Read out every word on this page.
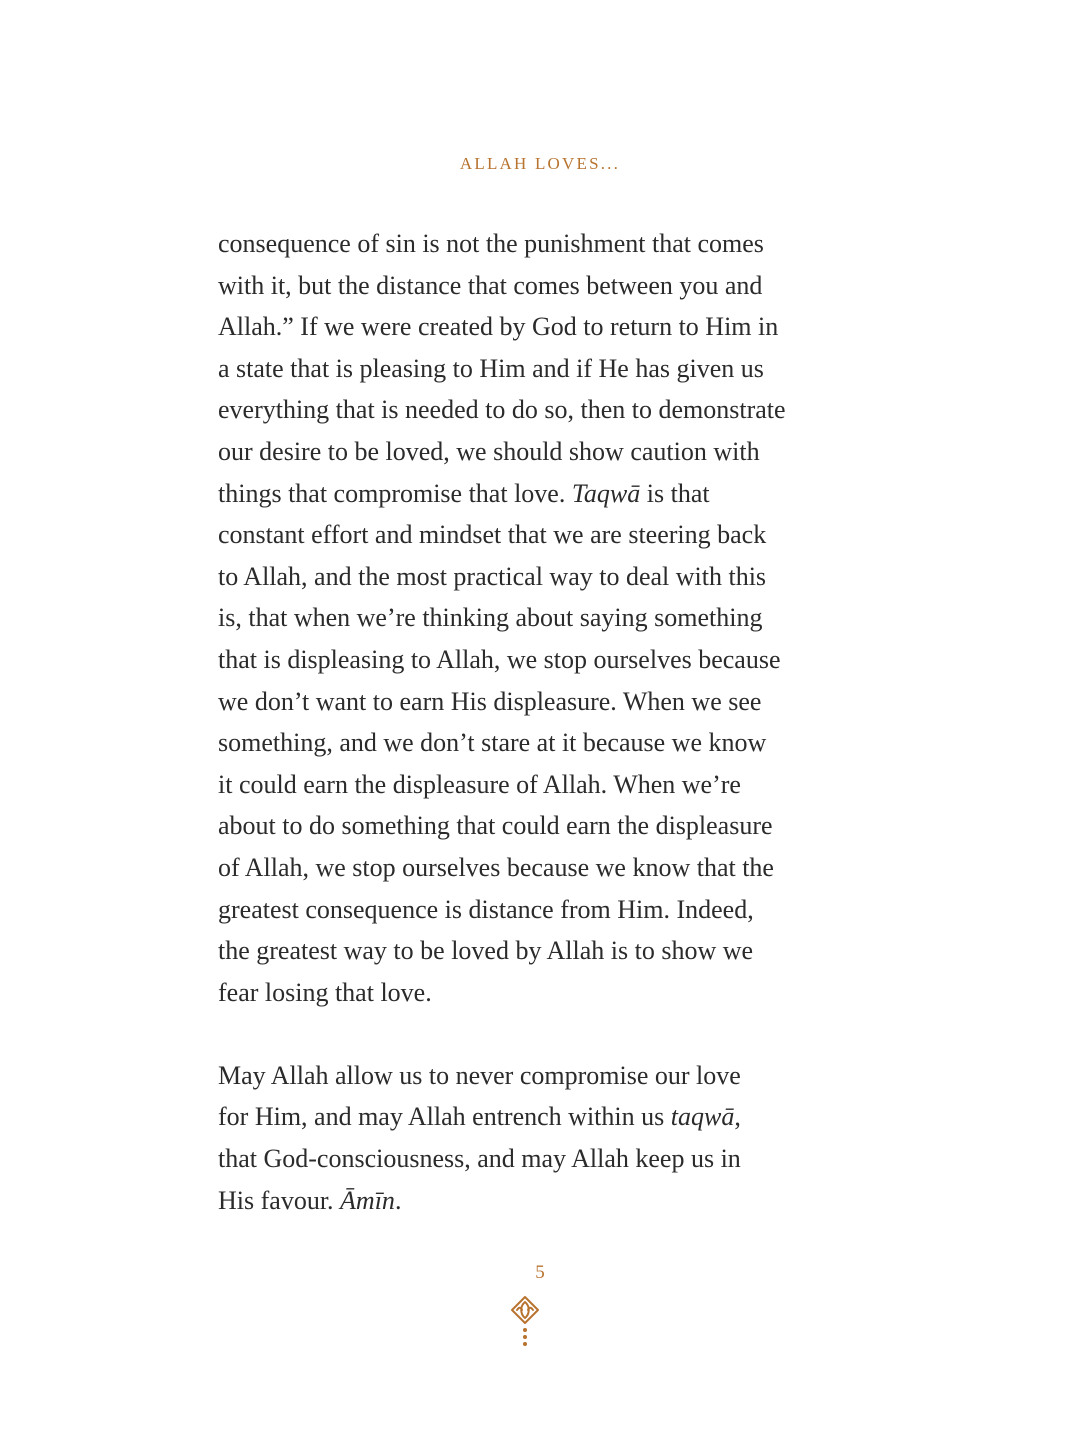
ALLAH LOVES...
consequence of sin is not the punishment that comes
with it, but the distance that comes between you and
Allah.” If we were created by God to return to Him in
a state that is pleasing to Him and if He has given us
everything that is needed to do so, then to demonstrate
our desire to be loved, we should show caution with
things that compromise that love. Taqwā is that
constant effort and mindset that we are steering back
to Allah, and the most practical way to deal with this
is, that when we’re thinking about saying something
that is displeasing to Allah, we stop ourselves because
we don’t want to earn His displeasure. When we see
something, and we don’t stare at it because we know
it could earn the displeasure of Allah. When we’re
about to do something that could earn the displeasure
of Allah, we stop ourselves because we know that the
greatest consequence is distance from Him. Indeed,
the greatest way to be loved by Allah is to show we
fear losing that love.
May Allah allow us to never compromise our love
for Him, and may Allah entrench within us taqwā,
that God-consciousness, and may Allah keep us in
His favour. Āmīn.
5
